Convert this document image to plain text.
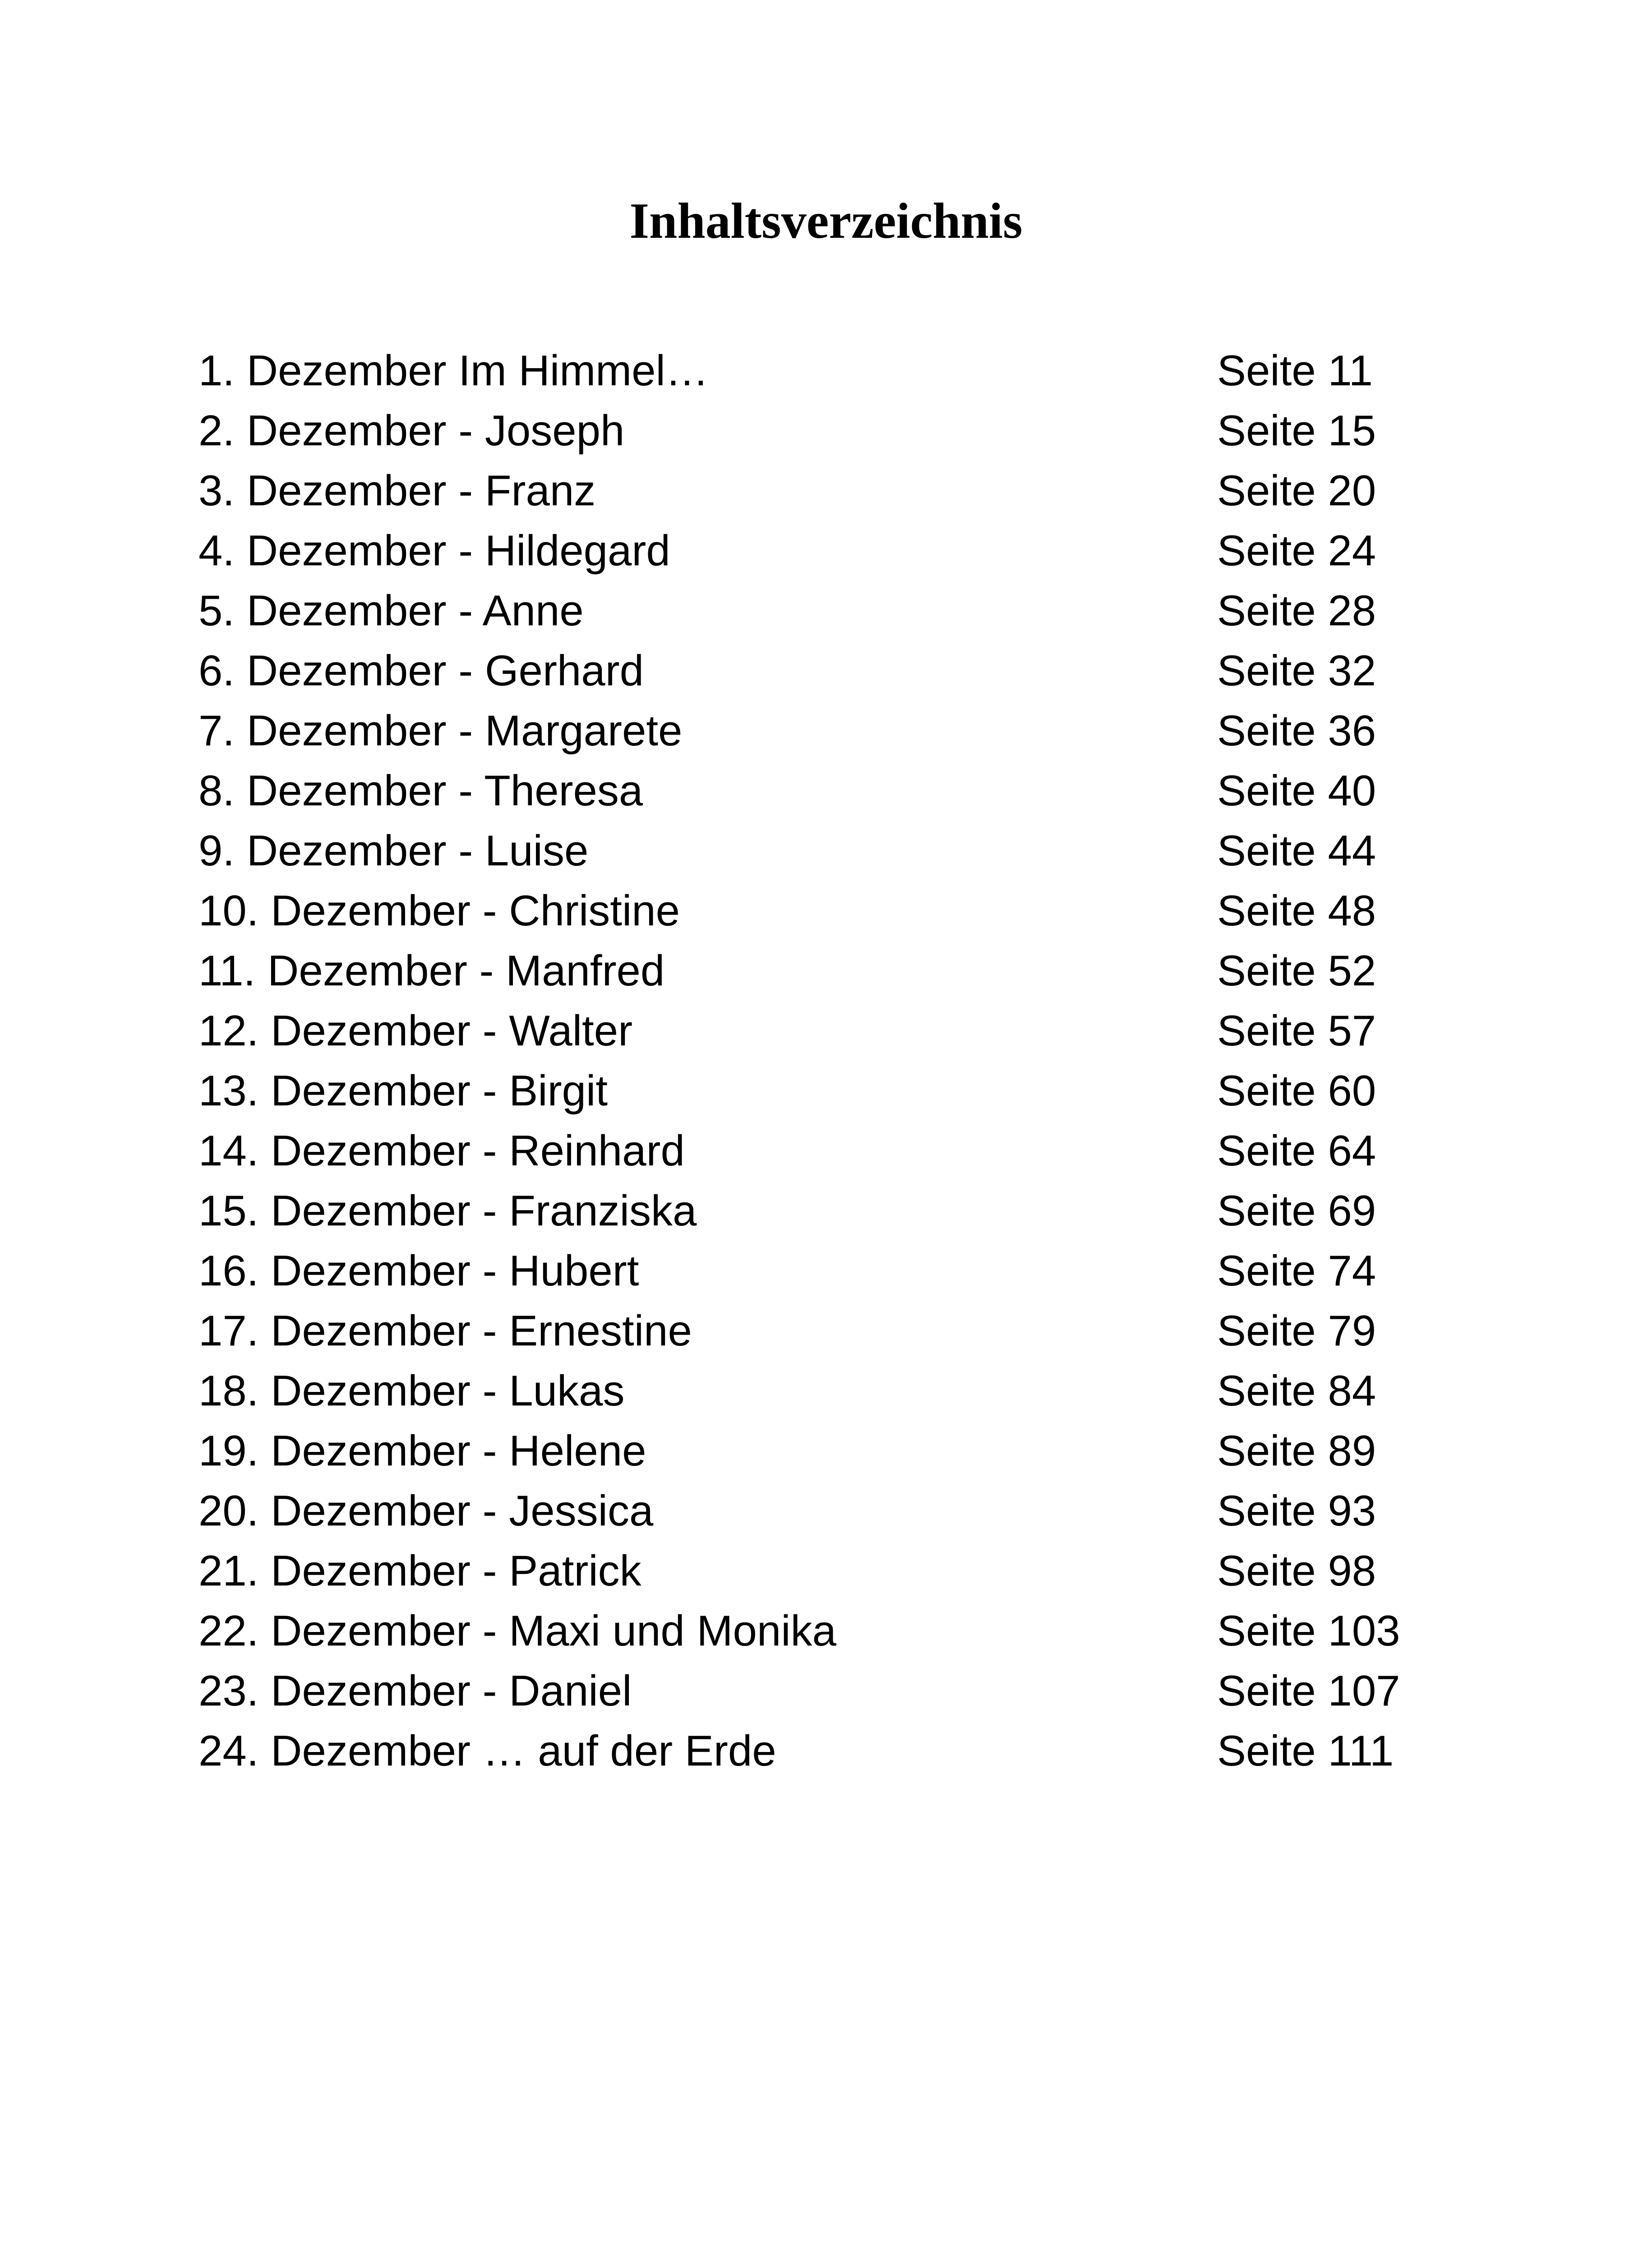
Inhaltsverzeichnis
1. Dezember Im Himmel…	Seite 11
2. Dezember - Joseph	Seite 15
3. Dezember - Franz	Seite 20
4. Dezember - Hildegard	Seite 24
5. Dezember - Anne	Seite 28
6. Dezember - Gerhard	Seite 32
7. Dezember - Margarete	Seite 36
8. Dezember - Theresa	Seite 40
9. Dezember - Luise	Seite 44
10. Dezember - Christine	Seite 48
11. Dezember - Manfred	Seite 52
12. Dezember - Walter	Seite 57
13. Dezember - Birgit	Seite 60
14. Dezember - Reinhard	Seite 64
15. Dezember - Franziska	Seite 69
16. Dezember - Hubert	Seite 74
17. Dezember - Ernestine	Seite 79
18. Dezember - Lukas	Seite 84
19. Dezember - Helene	Seite 89
20. Dezember - Jessica	Seite 93
21. Dezember - Patrick	Seite 98
22. Dezember - Maxi und Monika	Seite 103
23. Dezember - Daniel	Seite 107
24. Dezember … auf der Erde	Seite 111
